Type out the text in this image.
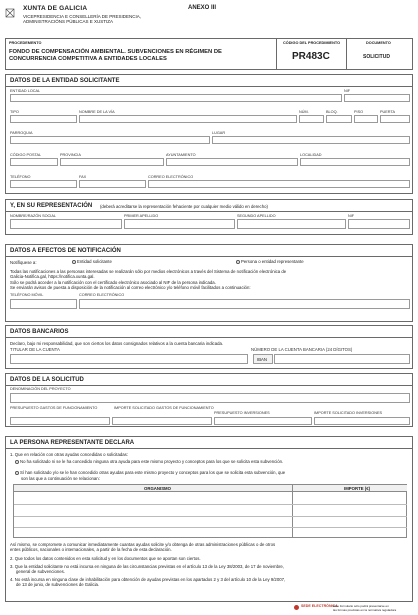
XUNTA DE GALICIA
VICEPRESIDENCIA E CONSELLERÍA DE PRESIDENCIA,
ADMINISTRACIÓNS PÚBLICAS E XUSTIZA
ANEXO III
PROCEDEMENTO
FONDO DE COMPENSACIÓN AMBIENTAL. SUBVENCIONES EN RÉGIMEN DE
CONCURRENCIA COMPETITIVA A ENTIDADES LOCALES
CÓDIGO DEL PROCEDIMIENTO
PR483C
DOCUMENTO
SOLICITUD
DATOS DE LA ENTIDAD SOLICITANTE
ENTIDAD LOCAL	NIF
TIPO	NOMBRE DE LA VÍA	NÚM.	BLOQ.	PISO	PUERTA
PARROQUIA	LUGAR
CÓDIGO POSTAL	PROVINCIA	AYUNTAMIENTO	LOCALIDAD
TELÉFONO	FAX	CORREO ELECTRÓNICO
Y, EN SU REPRESENTACIÓN (deberá acreditarse la representación fehaciente por cualquier medio válido en derecho)
NOMBRE/RAZÓN SOCIAL	PRIMER APELLIDO	SEGUNDO APELLIDO	NIF
DATOS A EFECTOS DE NOTIFICACIÓN
Notifíquese a:	Entidad solicitante	Persona o entidad representante
Todas las notificaciones a las personas interesadas se realizarán sólo por medios electrónicos a través del Sistema de notificación electrónica de
Galicia-Notifica.gal, https://notifica.xunta.gal.
Sólo se podrá acceder a la notificación con el certificado electrónico asociado al NIF de la persona indicada.
Se enviarán avisos de puesta a disposición de la notificación al correo electrónico y/o teléfono móvil facilitados a continuación:
TELÉFONO MÓVIL	CORREO ELECTRÓNICO
DATOS BANCARIOS
Declaro, bajo mi responsabilidad, que son ciertos los datos consignados relativos a la cuenta bancaria indicada.
TITULAR DE LA CUENTA	NÚMERO DE LA CUENTA BANCARIA (24 DÍGITOS)
IBAN
DATOS DE LA SOLICITUD
DENOMINACIÓN DEL PROYECTO
PRESUPUESTO GASTOS DE FUNCIONAMIENTO	IMPORTE SOLICITADO GASTOS DE FUNCIONAMIENTO
PRESUPUESTO INVERSIONES	IMPORTE SOLICITADO INVERSIONES
LA PERSONA REPRESENTANTE DECLARA
1. Que en relación con otras ayudas concedidas o solicitadas:
No ha solicitado ni se le ha concedido ninguna otra ayuda para este mismo proyecto y conceptos para los que se solicita esta subvención.
Sí han solicitado y/o se le han concedido otras ayudas para este mismo proyecto y conceptos para los que se solicita esta subvención, que
son las que a continuación se relacionan:
ORGANISMO	IMPORTE (€)
Así mismo, se compromete a comunicar inmediatamente cuantas ayudas solicite y/o obtenga de otras administraciones públicas o de otros
entes públicos, nacionales o internacionales, a partir de la fecha de esta declaración.
2. Que todos los datos contenidos en esta solicitud y en los documentos que se aportan son ciertos.
3. Que la entidad solicitante no está incursa en ninguna de las circunstancias previstas en el artículo 13 de la Ley 38/2003, de 17 de noviembre,
general de subvenciones.
4. No está incursa en ninguna clase de inhabilitación para obtención de ayudas previstas en los apartados 2 y 3 del artículo 10 de la Ley 9/2007,
de 13 de junio, de subvenciones de Galicia.
SEDE ELECTRÓNICA
Este formulario sólo podrá presentarse en
las formas previstas en la normativa reguladora
